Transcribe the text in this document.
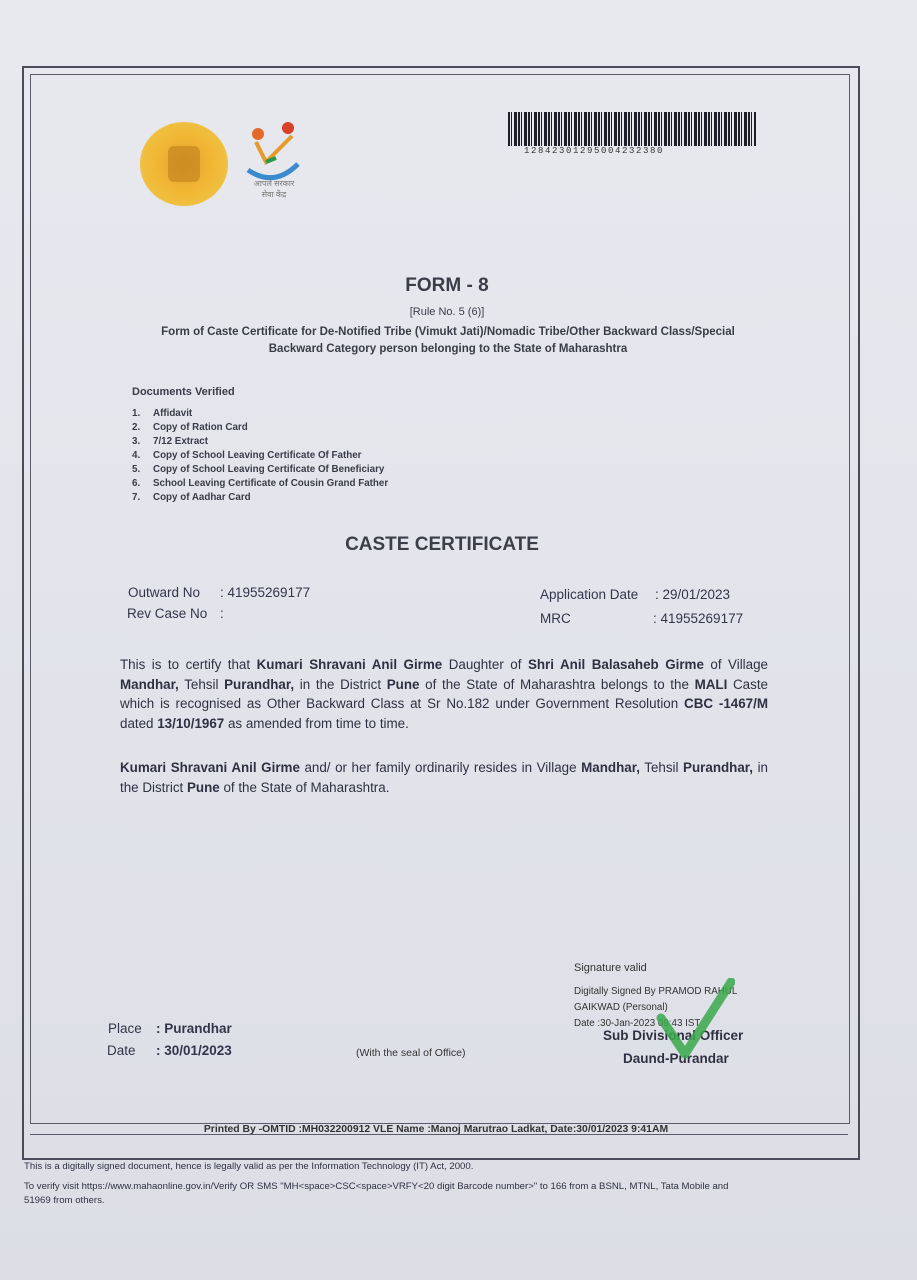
आपले सरकार
सेवा केंद्र
12842301295004232380
FORM - 8
[Rule No. 5 (6)]
Form of Caste Certificate for De-Notified Tribe (Vimukt Jati)/Nomadic Tribe/Other Backward Class/Special Backward Category person belonging to the State of Maharashtra
Documents Verified
1. Affidavit
2. Copy of Ration Card
3. 7/12 Extract
4. Copy of School Leaving Certificate Of Father
5. Copy of School Leaving Certificate Of Beneficiary
6. School Leaving Certificate of Cousin Grand Father
7. Copy of Aadhar Card
CASTE CERTIFICATE
Outward No : 41955269177
Rev Case No :
Application Date : 29/01/2023
MRC	: 41955269177
This is to certify that Kumari Shravani Anil Girme Daughter of Shri Anil Balasaheb Girme of Village Mandhar, Tehsil Purandhar, in the District Pune of the State of Maharashtra belongs to the MALI Caste which is recognised as Other Backward Class at Sr No.182 under Government Resolution CBC -1467/M dated 13/10/1967 as amended from time to time.
Kumari Shravani Anil Girme and/ or her family ordinarily resides in Village Mandhar, Tehsil Purandhar, in the District Pune of the State of Maharashtra.
Signature valid
Digitally Signed By PRAMOD RAHUL
GAIKWAD (Personal)
Date :30-Jan-2023 09:43 IST
Sub Divisional Officer
Daund-Purandar
Place : Purandhar
Date : 30/01/2023	(With the seal of Office)
Printed By -OMTID :MH032200912 VLE Name :Manoj Marutrao Ladkat, Date:30/01/2023 9:41AM
This is a digitally signed document, hence is legally valid as per the Information Technology (IT) Act, 2000.
To verify visit https://www.mahaonline.gov.in/Verify OR SMS "MH<space>CSC<space>VRFY<20 digit Barcode number>" to 166 from a BSNL, MTNL, Tata Mobile and
51969 from others.
